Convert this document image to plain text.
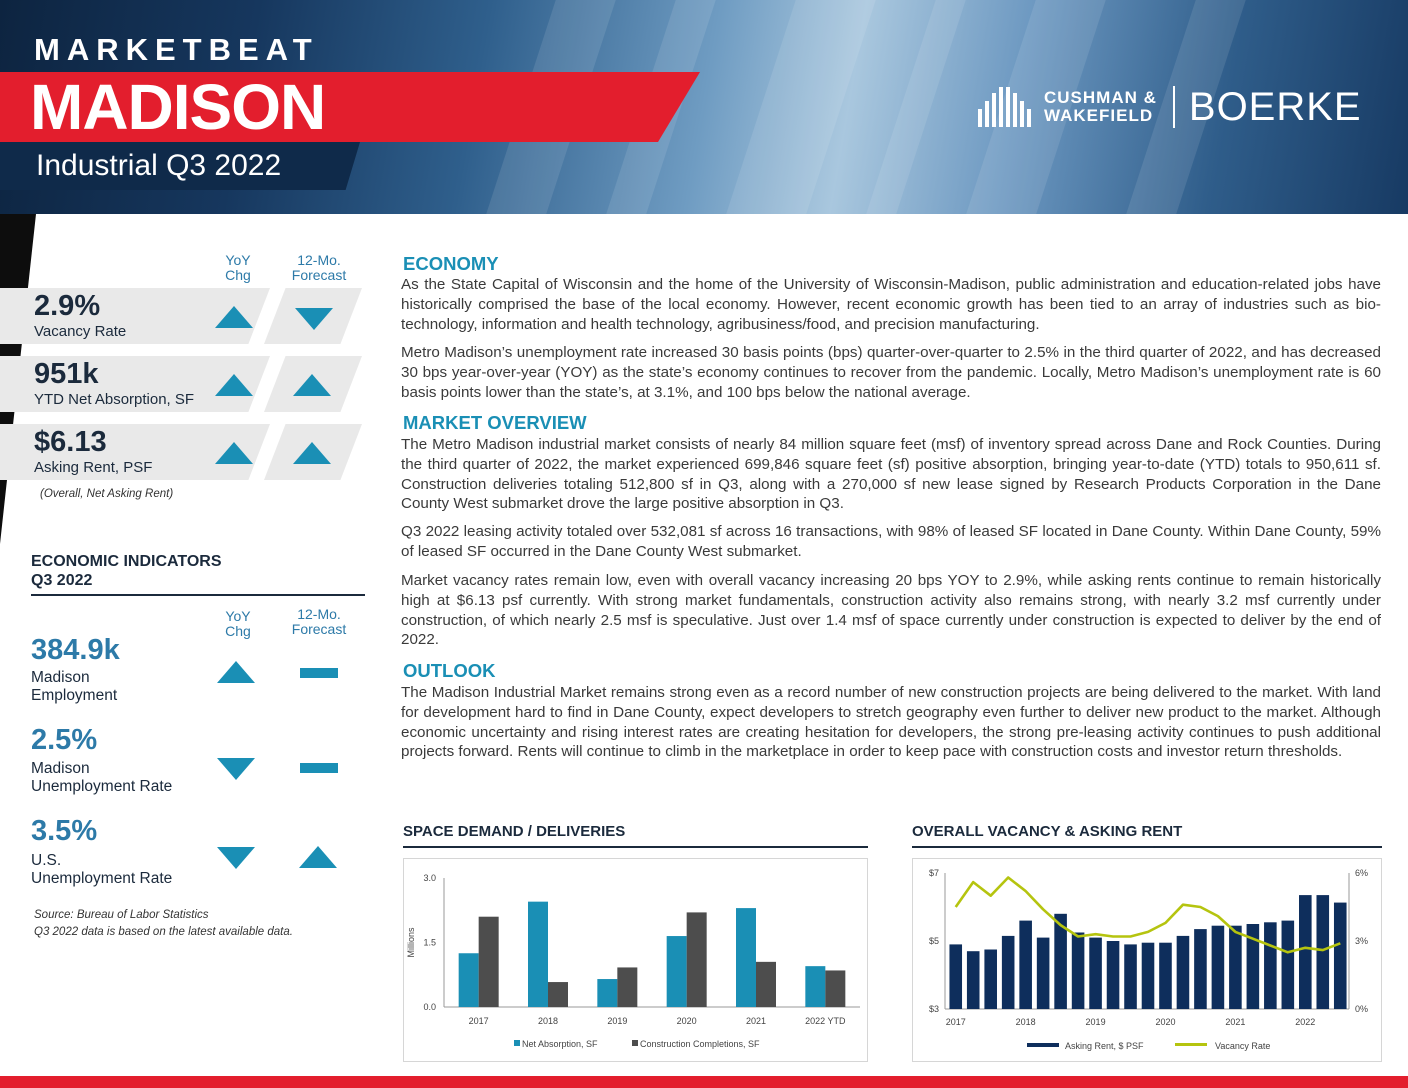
MARKETBEAT
MADISON
Industrial Q3 2022
CUSHMAN &
WAKEFIELD BOERKE
YoY
Chg
12-Mo.
Forecast
2.9%
Vacancy Rate
951k
YTD Net Absorption, SF
$6.13
Asking Rent, PSF
(Overall, Net Asking Rent)
ECONOMIC INDICATORS
Q3 2022
YoY
Chg
12-Mo.
Forecast
384.9k
Madison
Employment
2.5%
Madison
Unemployment Rate
3.5%
U.S.
Unemployment Rate
Source: Bureau of Labor Statistics
Q3 2022 data is based on the latest available data.
ECONOMY
As the State Capital of Wisconsin and the home of the University of Wisconsin-Madison, public administration and education-related jobs have historically comprised the base of the local economy. However, recent economic growth has been tied to an array of industries such as bio-technology, information and health technology, agribusiness/food, and precision manufacturing.
Metro Madison’s unemployment rate increased 30 basis points (bps) quarter-over-quarter to 2.5% in the third quarter of 2022, and has decreased 30 bps year-over-year (YOY) as the state’s economy continues to recover from the pandemic. Locally, Metro Madison’s unemployment rate is 60 basis points lower than the state’s, at 3.1%, and 100 bps below the national average.
MARKET OVERVIEW
The Metro Madison industrial market consists of nearly 84 million square feet (msf) of inventory spread across Dane and Rock Counties. During the third quarter of 2022, the market experienced 699,846 square feet (sf) positive absorption, bringing year-to-date (YTD) totals to 950,611 sf. Construction deliveries totaling 512,800 sf in Q3, along with a 270,000 sf new lease signed by Research Products Corporation in the Dane County West submarket drove the large positive absorption in Q3.
Q3 2022 leasing activity totaled over 532,081 sf across 16 transactions, with 98% of leased SF located in Dane County. Within Dane County, 59% of leased SF occurred in the Dane County West submarket.
Market vacancy rates remain low, even with overall vacancy increasing 20 bps YOY to 2.9%, while asking rents continue to remain historically high at $6.13 psf currently. With strong market fundamentals, construction activity also remains strong, with nearly 3.2 msf currently under construction, of which nearly 2.5 msf is speculative. Just over 1.4 msf of space currently under construction is expected to deliver by the end of 2022.
OUTLOOK
The Madison Industrial Market remains strong even as a record number of new construction projects are being delivered to the market. With land for development hard to find in Dane County, expect developers to stretch geography even further to deliver new product to the market. Although economic uncertainty and rising interest rates are creating hesitation for developers, the strong pre-leasing activity continues to push additional projects forward. Rents will continue to climb in the marketplace in order to keep pace with construction costs and investor return thresholds.
SPACE DEMAND / DELIVERIES
0.0
1.5
3.0
Millions
2017	2018	2019	2020	2021	2022 YTD
Net Absorption, SF	Construction Completions, SF
OVERALL VACANCY & ASKING RENT
$3
$5
$7
0%
3%
6%
2017	2018	2019	2020	2021	2022
Asking Rent, $ PSF	Vacancy Rate
